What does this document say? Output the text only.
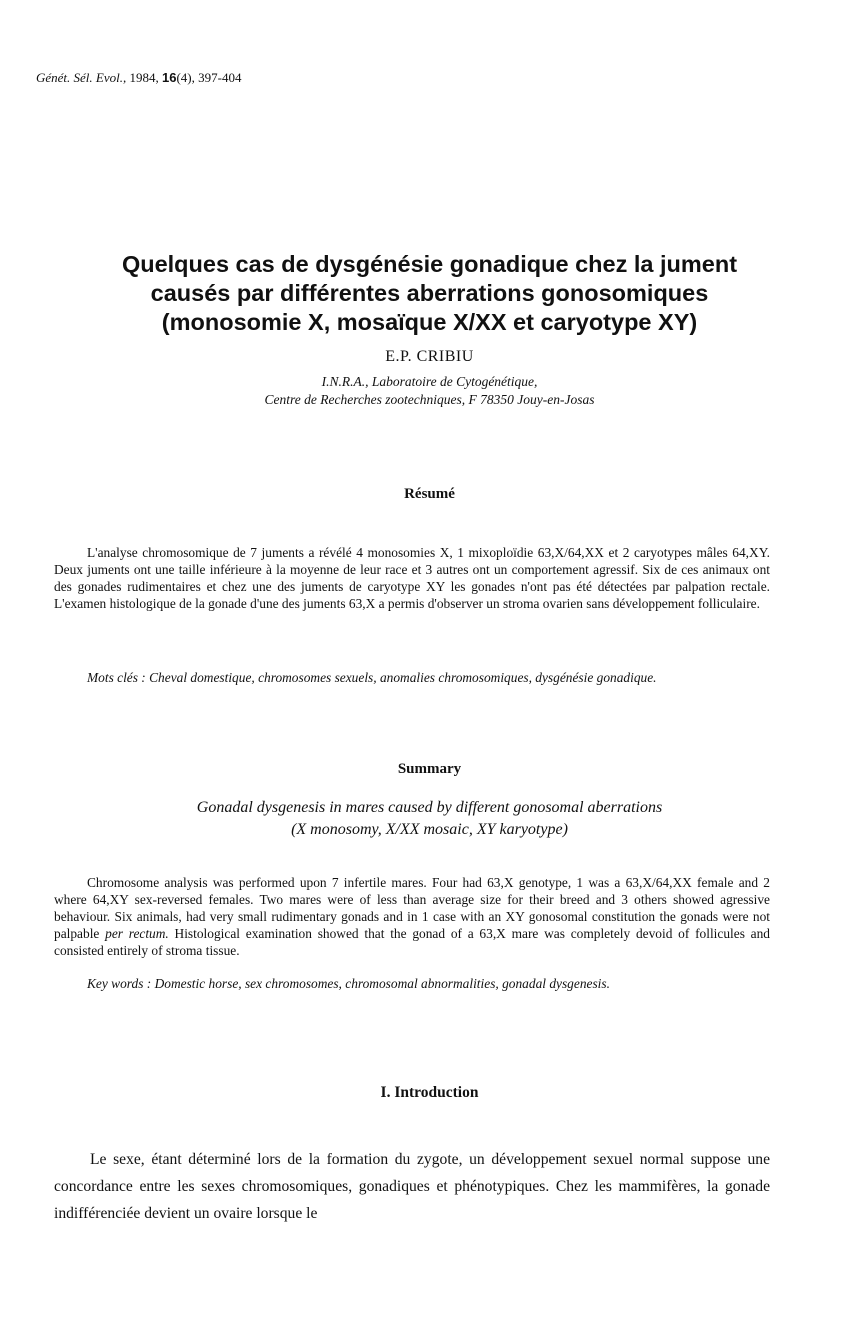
Génét. Sél. Evol., 1984, 16(4), 397-404
Quelques cas de dysgénésie gonadique chez la jument
causés par différentes aberrations gonosomiques
(monosomie X, mosaïque X/XX et caryotype XY)
E.P. CRIBIU
I.N.R.A., Laboratoire de Cytogénétique,
Centre de Recherches zootechniques, F 78350 Jouy-en-Josas
Résumé

L'analyse chromosomique de 7 juments a révélé 4 monosomies X, 1 mixoploïdie 63,X/64,XX et 2 caryotypes mâles 64,XY. Deux juments ont une taille inférieure à la moyenne de leur race et 3 autres ont un comportement agressif. Six de ces animaux ont des gonades rudimentaires et chez une des juments de caryotype XY les gonades n'ont pas été détectées par palpation rectale. L'examen histologique de la gonade d'une des juments 63,X a permis d'observer un stroma ovarien sans développement folliculaire.

Mots clés : Cheval domestique, chromosomes sexuels, anomalies chromosomiques, dysgénésie gonadique.

Summary
Gonadal dysgenesis in mares caused by different gonosomal aberrations
(X monosomy, X/XX mosaic, XY karyotype)

Chromosome analysis was performed upon 7 infertile mares. Four had 63,X genotype, 1 was a 63,X/64,XX female and 2 where 64,XY sex-reversed females. Two mares were of less than average size for their breed and 3 others showed agressive behaviour. Six animals, had very small rudimentary gonads and in 1 case with an XY gonosomal constitution the gonads were not palpable per rectum. Histological examination showed that the gonad of a 63,X mare was completely devoid of follicules and consisted entirely of stroma tissue.

Key words : Domestic horse, sex chromosomes, chromosomal abnormalities, gonadal dysgenesis.

I. Introduction

Le sexe, étant déterminé lors de la formation du zygote, un développement sexuel normal suppose une concordance entre les sexes chromosomiques, gonadiques et phénotypiques. Chez les mammifères, la gonade indifférenciée devient un ovaire lorsque le
